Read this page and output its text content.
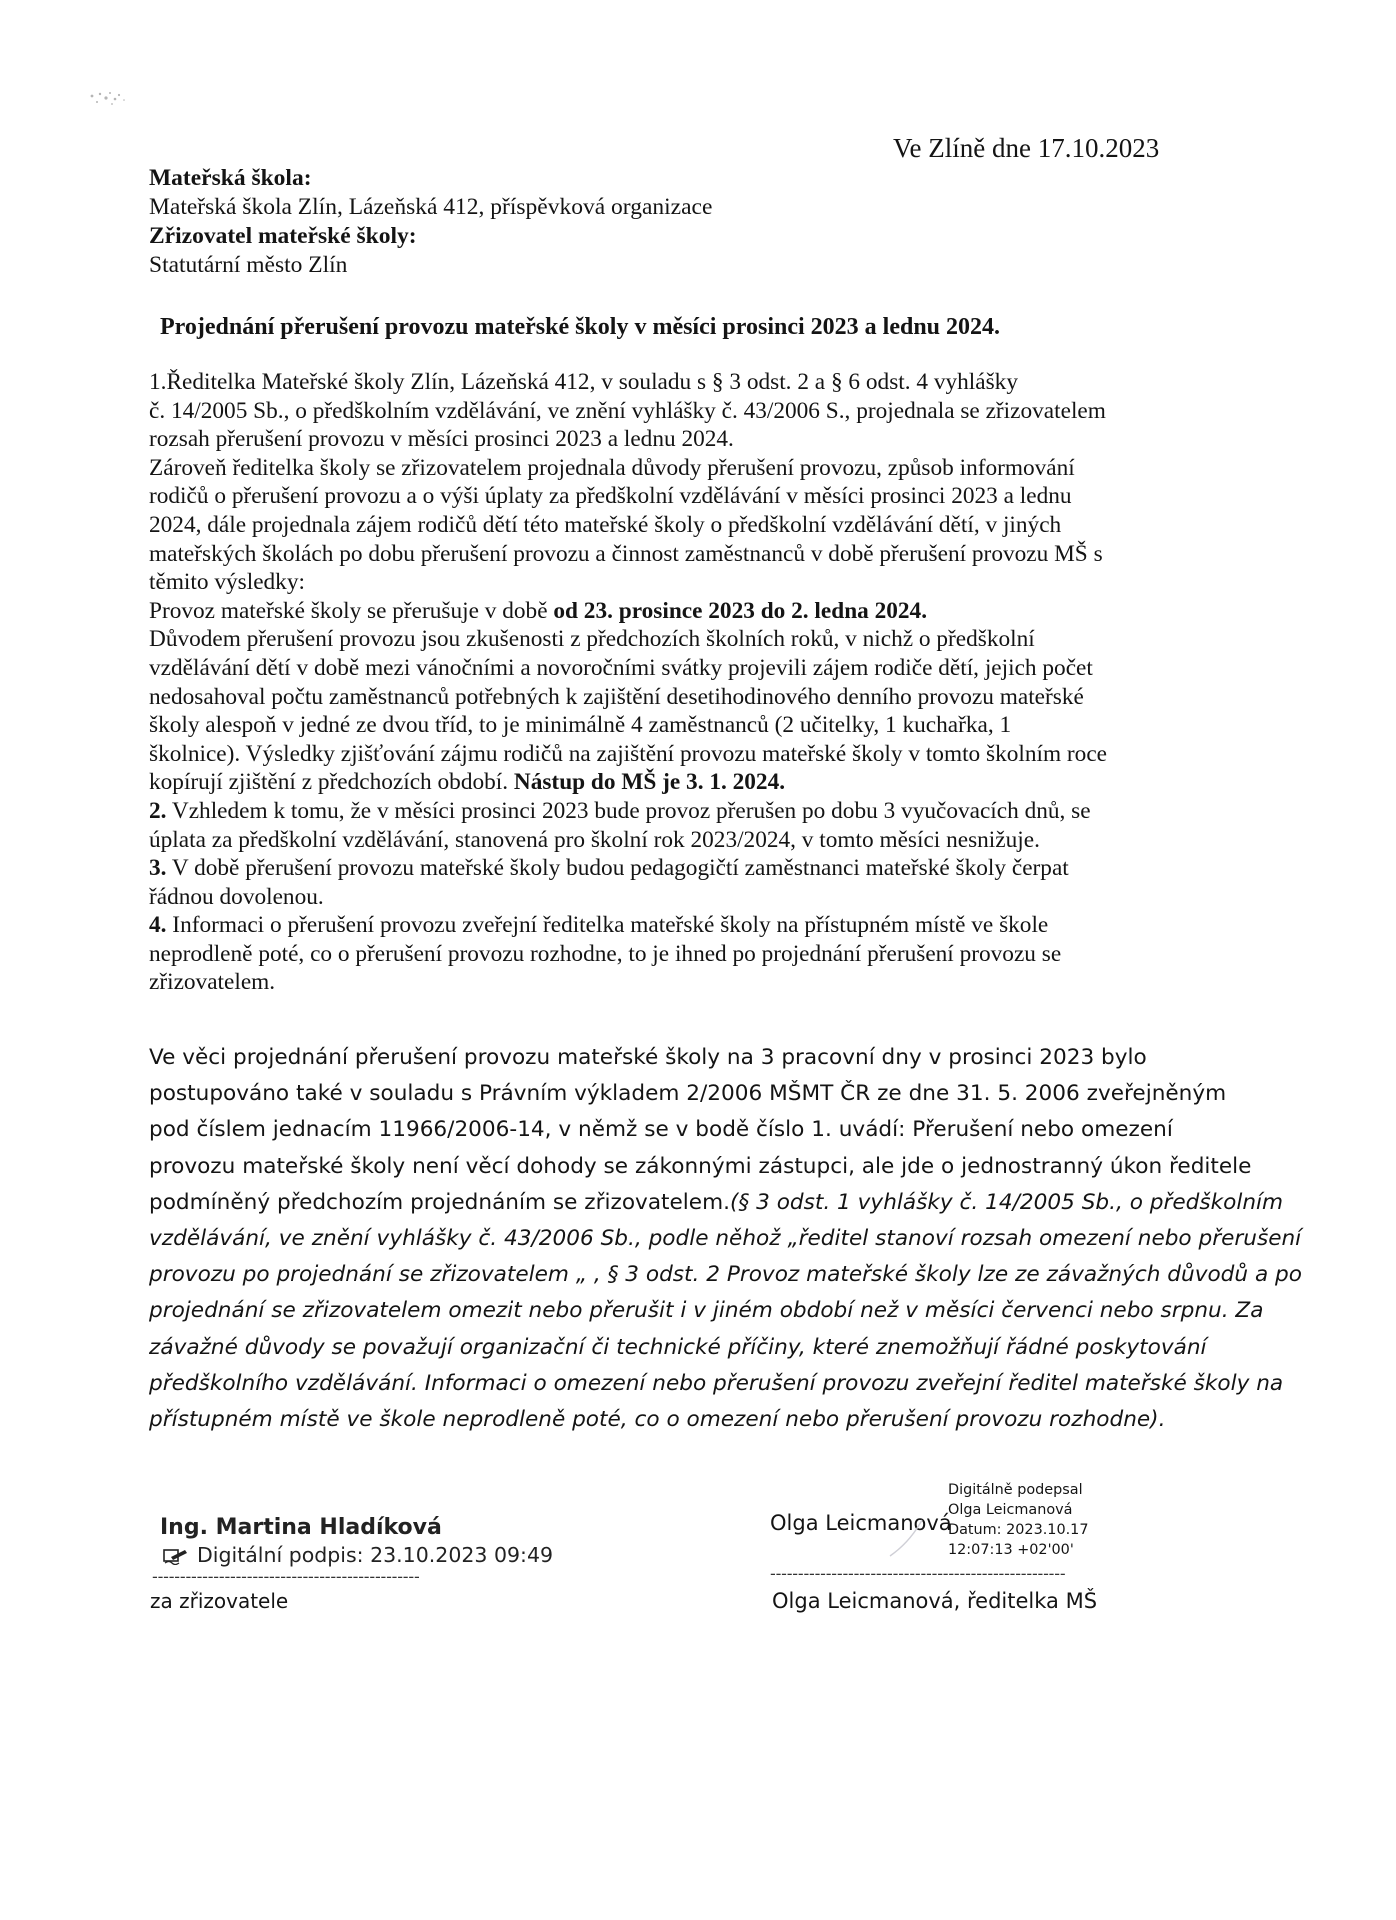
Ve Zlíně dne 17.10.2023
Mateřská škola:
Mateřská škola Zlín, Lázeňská 412, příspěvková organizace
Zřizovatel mateřské školy:
Statutární město Zlín
Projednání přerušení provozu mateřské školy v měsíci prosinci 2023 a lednu 2024.
1.Ředitelka Mateřské školy Zlín, Lázeňská 412, v souladu s § 3 odst. 2 a § 6 odst. 4 vyhlášky
č. 14/2005 Sb., o předškolním vzdělávání, ve znění vyhlášky č. 43/2006 S., projednala se zřizovatelem
rozsah přerušení provozu v měsíci prosinci 2023 a lednu 2024.
Zároveň ředitelka školy se zřizovatelem projednala důvody přerušení provozu, způsob informování
rodičů o přerušení provozu a o výši úplaty za předškolní vzdělávání v měsíci prosinci 2023 a lednu
2024, dále projednala zájem rodičů dětí této mateřské školy o předškolní vzdělávání dětí, v jiných
mateřských školách po dobu přerušení provozu a činnost zaměstnanců v době přerušení provozu MŠ s
těmito výsledky:
Provoz mateřské školy se přerušuje v době od 23. prosince 2023 do 2. ledna 2024.
Důvodem přerušení provozu jsou zkušenosti z předchozích školních roků, v nichž o předškolní
vzdělávání dětí v době mezi vánočními a novoročními svátky projevili zájem rodiče dětí, jejich počet
nedosahoval počtu zaměstnanců potřebných k zajištění desetihodinového denního provozu mateřské
školy alespoň v jedné ze dvou tříd, to je minimálně 4 zaměstnanců (2 učitelky, 1 kuchařka, 1
školnice). Výsledky zjišťování zájmu rodičů na zajištění provozu mateřské školy v tomto školním roce
kopírují zjištění z předchozích období. Nástup do MŠ je 3. 1. 2024.
2. Vzhledem k tomu, že v měsíci prosinci 2023 bude provoz přerušen po dobu 3 vyučovacích dnů, se
úplata za předškolní vzdělávání, stanovená pro školní rok 2023/2024, v tomto měsíci nesnižuje.
3. V době přerušení provozu mateřské školy budou pedagogičtí zaměstnanci mateřské školy čerpat
řádnou dovolenou.
4. Informaci o přerušení provozu zveřejní ředitelka mateřské školy na přístupném místě ve škole
neprodleně poté, co o přerušení provozu rozhodne, to je ihned po projednání přerušení provozu se
zřizovatelem.
Ve věci projednání přerušení provozu mateřské školy na 3 pracovní dny v prosinci 2023 bylo
postupováno také v souladu s Právním výkladem 2/2006 MŠMT ČR ze dne 31. 5. 2006 zveřejněným
pod číslem jednacím 11966/2006-14, v němž se v bodě číslo 1. uvádí: Přerušení nebo omezení
provozu mateřské školy není věcí dohody se zákonnými zástupci, ale jde o jednostranný úkon ředitele
podmíněný předchozím projednáním se zřizovatelem.(§ 3 odst. 1 vyhlášky č. 14/2005 Sb., o předškolním
vzdělávání, ve znění vyhlášky č. 43/2006 Sb., podle něhož „ředitel stanoví rozsah omezení nebo přerušení
provozu po projednání se zřizovatelem „ , § 3 odst. 2 Provoz mateřské školy lze ze závažných důvodů a po
projednání se zřizovatelem omezit nebo přerušit i v jiném období než v měsíci červenci nebo srpnu. Za
závažné důvody se považují organizační či technické příčiny, které znemožňují řádné poskytování
předškolního vzdělávání. Informaci o omezení nebo přerušení provozu zveřejní ředitel mateřské školy na
přístupném místě ve škole neprodleně poté, co o omezení nebo přerušení provozu rozhodne).
Ing. Martina Hladíková
Digitální podpis: 23.10.2023 09:49
------------------------------------------------
za zřizovatele
Olga Leicmanová
Digitálně podepsal
Olga Leicmanová
Datum: 2023.10.17
12:07:13 +02'00'
-----------------------------------------------------
Olga Leicmanová, ředitelka MŠ
